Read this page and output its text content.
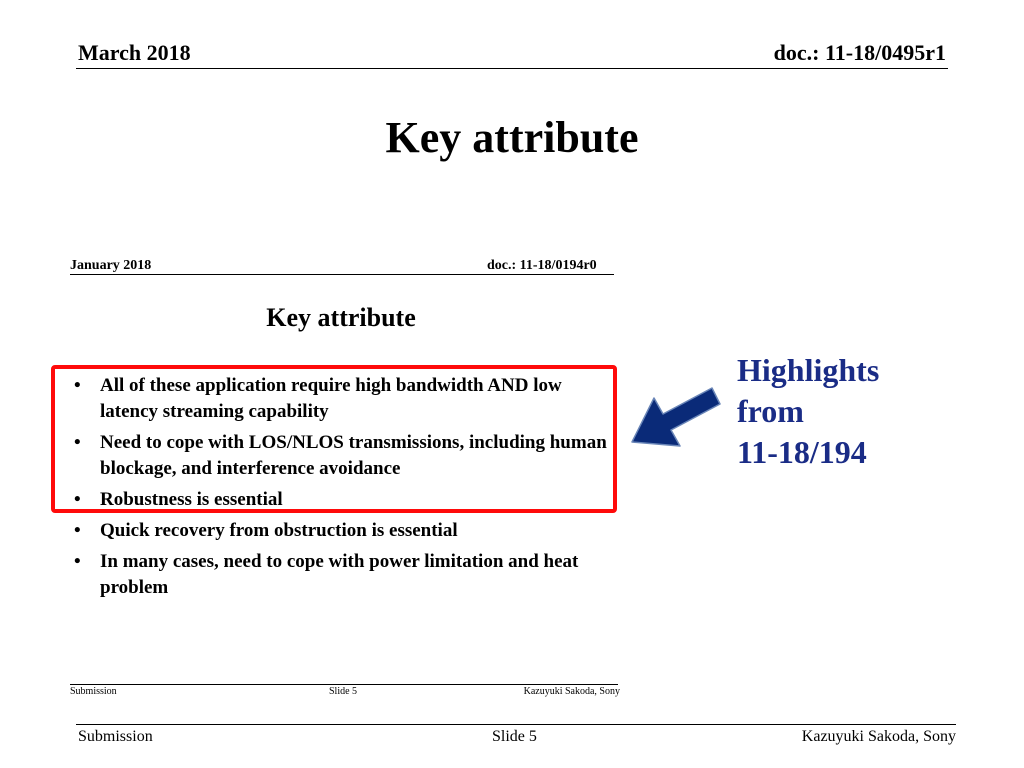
March 2018	doc.: 11-18/0495r1
Key attribute
January 2018	doc.: 11-18/0194r0
Key attribute
• All of these application require high bandwidth AND low latency streaming capability
• Need to cope with LOS/NLOS transmissions, including human blockage, and interference avoidance
• Robustness is essential
• Quick recovery from obstruction is essential
• In many cases, need to cope with power limitation and heat problem
Submission	Slide 5	Kazuyuki Sakoda, Sony
Highlights
from
11-18/194
Submission	Slide 5	Kazuyuki Sakoda, Sony
